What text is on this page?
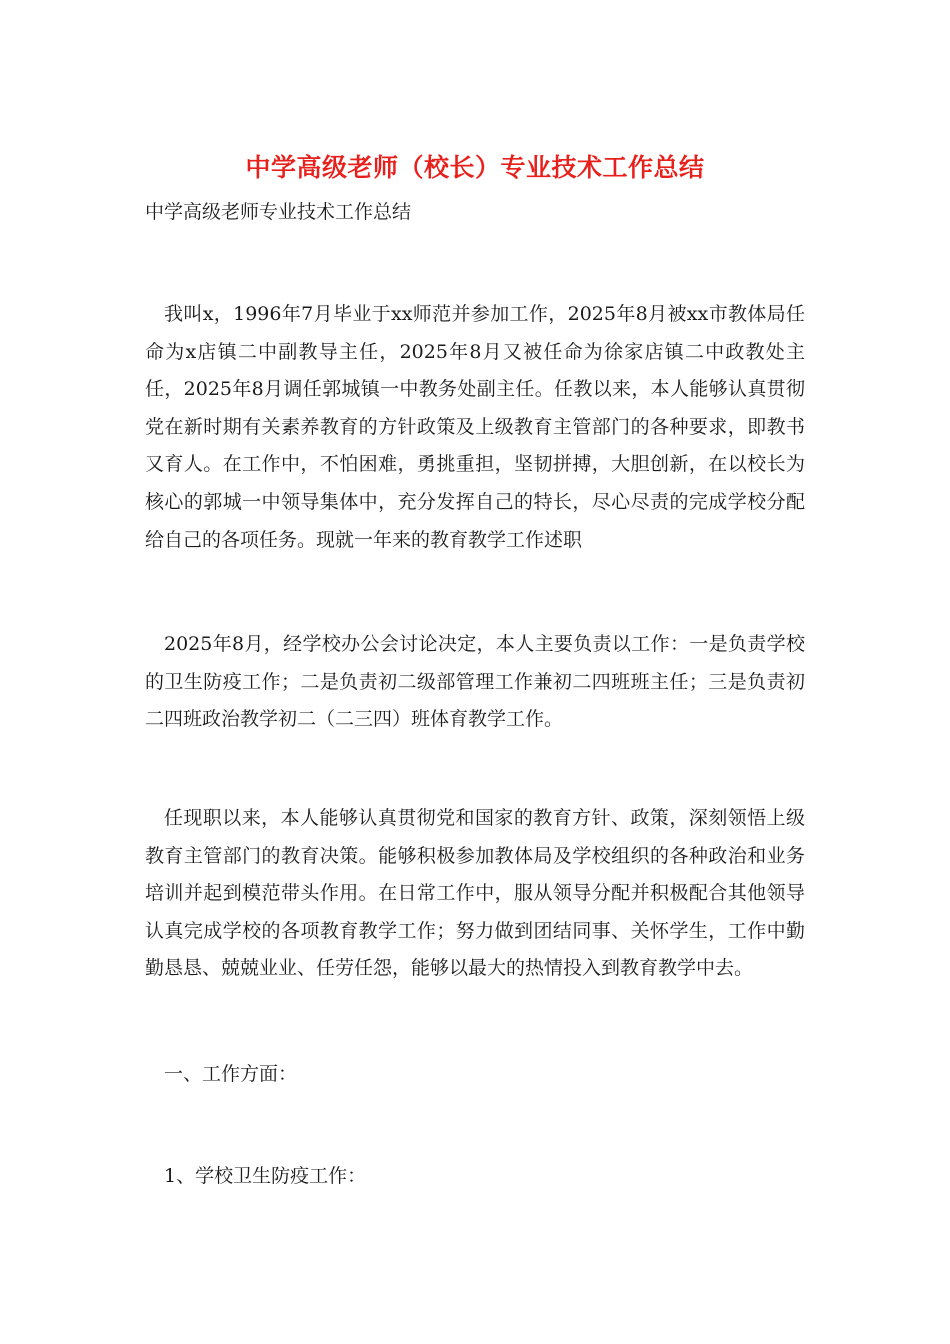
中学高级老师（校长）专业技术工作总结
中学高级老师专业技术工作总结
我叫x，1996年7月毕业于xx师范并参加工作，2025年8月被xx市教体局任命为x店镇二中副教导主任，2025年8月又被任命为徐家店镇二中政教处主任，2025年8月调任郭城镇一中教务处副主任。任教以来，本人能够认真贯彻党在新时期有关素养教育的方针政策及上级教育主管部门的各种要求，即教书又育人。在工作中，不怕困难，勇挑重担，坚韧拼搏，大胆创新，在以校长为核心的郭城一中领导集体中，充分发挥自己的特长，尽心尽责的完成学校分配给自己的各项任务。现就一年来的教育教学工作述职
2025年8月，经学校办公会讨论决定，本人主要负责以工作：一是负责学校的卫生防疫工作；二是负责初二级部管理工作兼初二四班班主任；三是负责初二四班政治教学初二（二三四）班体育教学工作。
任现职以来，本人能够认真贯彻党和国家的教育方针、政策，深刻领悟上级教育主管部门的教育决策。能够积极参加教体局及学校组织的各种政治和业务培训并起到模范带头作用。在日常工作中，服从领导分配并积极配合其他领导认真完成学校的各项教育教学工作；努力做到团结同事、关怀学生，工作中勤勤恳恳、兢兢业业、任劳任怨，能够以最大的热情投入到教育教学中去。
一、工作方面：
1、学校卫生防疫工作：
